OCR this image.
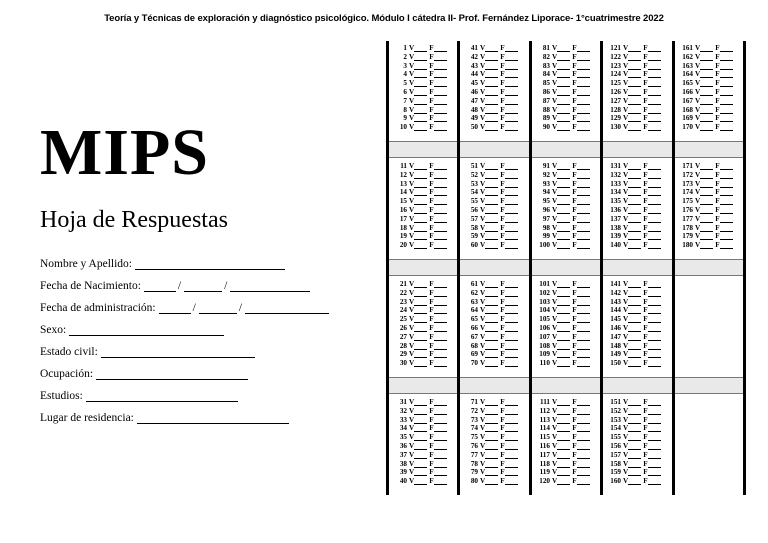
Teoría y Técnicas de exploración y diagnóstico psicológico. Módulo I cátedra II- Prof. Fernández Liporace- 1°cuatrimestre 2022
MIPS
Hoja de Respuestas
Nombre y Apellido:
Fecha de Nacimiento:	/	/
Fecha de administración:	/	/
Sexo:
Estado civil:
Ocupación:
Estudios:
Lugar de residencia:
1 V F
2 V F
3 V F
4 V F
5 V F
6 V F
7 V F
8 V F
9 V F
10 V F
11 V F
12 V F
13 V F
14 V F
15 V F
16 V F
17 V F
18 V F
19 V F
20 V F
21 V F
22 V F
23 V F
24 V F
25 V F
26 V F
27 V F
28 V F
29 V F
30 V F
31 V F
32 V F
33 V F
34 V F
35 V F
36 V F
37 V F
38 V F
39 V F
40 V F
41 V F
42 V F
43 V F
44 V F
45 V F
46 V F
47 V F
48 V F
49 V F
50 V F
51 V F
52 V F
53 V F
54 V F
55 V F
56 V F
57 V F
58 V F
59 V F
60 V F
61 V F
62 V F
63 V F
64 V F
65 V F
66 V F
67 V F
68 V F
69 V F
70 V F
71 V F
72 V F
73 V F
74 V F
75 V F
76 V F
77 V F
78 V F
79 V F
80 V F
81 V F
82 V F
83 V F
84 V F
85 V F
86 V F
87 V F
88 V F
89 V F
90 V F
91 V F
92 V F
93 V F
94 V F
95 V F
96 V F
97 V F
98 V F
99 V F
100 V F
101 V F
102 V F
103 V F
104 V F
105 V F
106 V F
107 V F
108 V F
109 V F
110 V F
111 V F
112 V F
113 V F
114 V F
115 V F
116 V F
117 V F
118 V F
119 V F
120 V F
121 V F
122 V F
123 V F
124 V F
125 V F
126 V F
127 V F
128 V F
129 V F
130 V F
131 V F
132 V F
133 V F
134 V F
135 V F
136 V F
137 V F
138 V F
139 V F
140 V F
141 V F
142 V F
143 V F
144 V F
145 V F
146 V F
147 V F
148 V F
149 V F
150 V F
151 V F
152 V F
153 V F
154 V F
155 V F
156 V F
157 V F
158 V F
159 V F
160 V F
161 V F
162 V F
163 V F
164 V F
165 V F
166 V F
167 V F
168 V F
169 V F
170 V F
171 V F
172 V F
173 V F
174 V F
175 V F
176 V F
177 V F
178 V F
179 V F
180 V F
